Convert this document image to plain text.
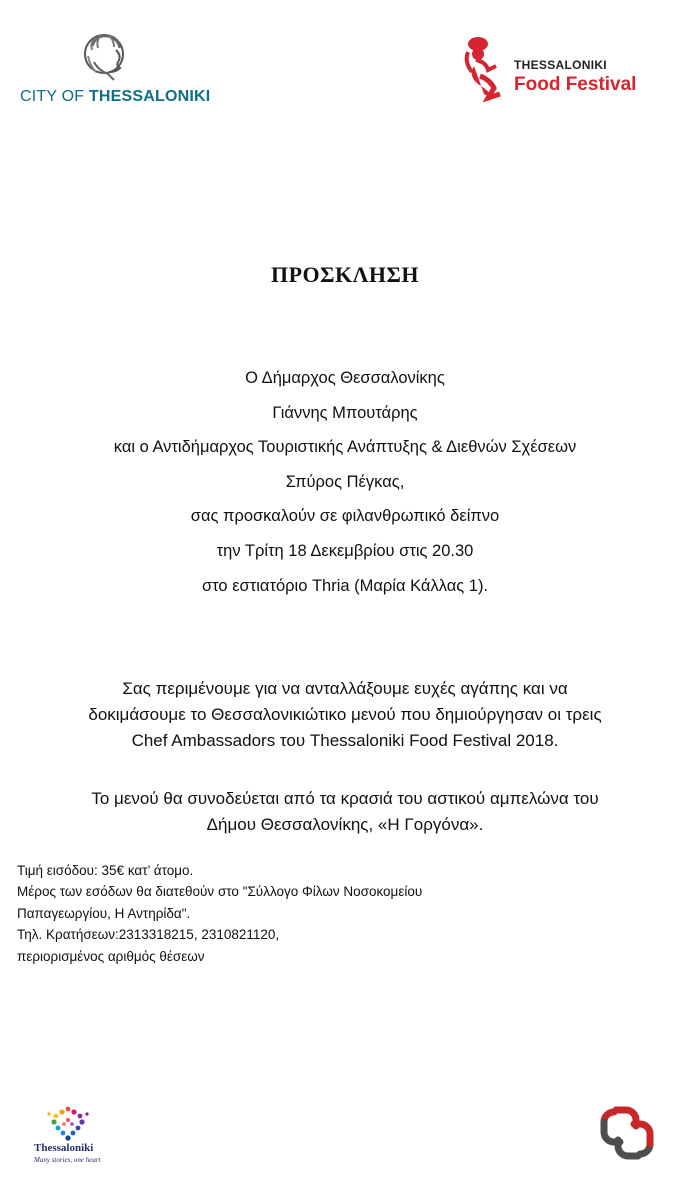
CITY OF THESSALONIKI
THESSALONIKI
Food Festival
ΠΡΟΣΚΛΗΣΗ

Ο Δήμαρχος Θεσσαλονίκης

Γιάννης Μπουτάρης

και ο Αντιδήμαρχος Τουριστικής Ανάπτυξης & Διεθνών Σχέσεων

Σπύρος Πέγκας,

σας προσκαλούν σε φιλανθρωπικό δείπνο

την Τρίτη 18 Δεκεμβρίου στις 20.30

στο εστιατόριο Thria (Μαρία Κάλλας 1).

Σας περιμένουμε για να ανταλλάξουμε ευχές αγάπης και να

δοκιμάσουμε το Θεσσαλονικιώτικο μενού που δημιούργησαν οι τρεις

Chef Ambassadors του Thessaloniki Food Festival 2018.

Το μενού θα συνοδεύεται από τα κρασιά του αστικού αμπελώνα του

Δήμου Θεσσαλονίκης, «Η Γοργόνα».

Τιμή εισόδου: 35€ κατ’ άτομο.

Μέρος των εσόδων θα διατεθούν στο "Σύλλογο Φίλων Νοσοκομείου

Παπαγεωργίου, Η Αντηρίδα".

Τηλ. Κρατήσεων:2313318215, 2310821120,

περιορισμένος αριθμός θέσεων

Thessaloniki
Many stories, one heart
